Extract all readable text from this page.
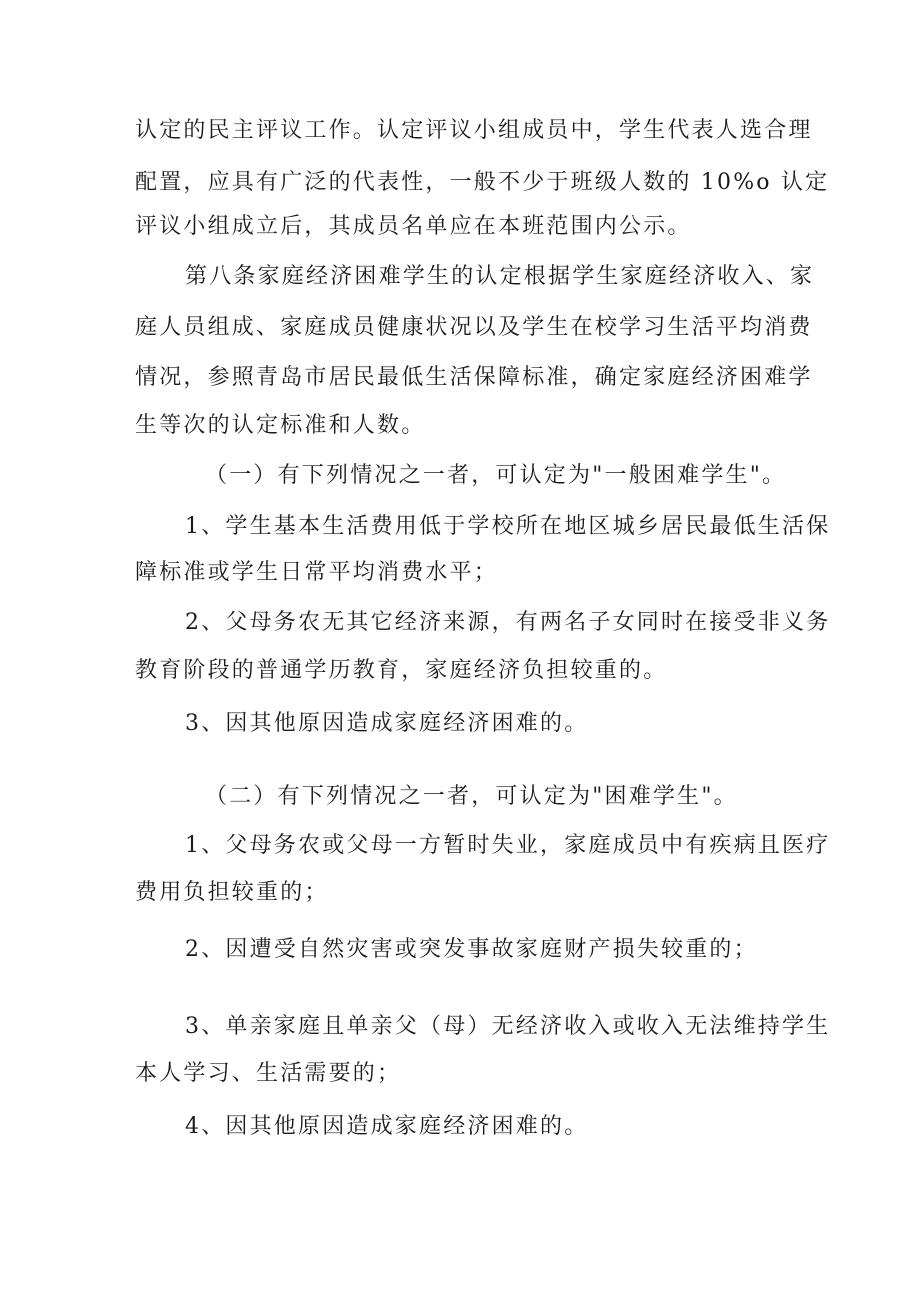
认定的民主评议工作。认定评议小组成员中，学生代表人选合理
配置，应具有广泛的代表性，一般不少于班级人数的 10%o 认定
评议小组成立后，其成员名单应在本班范围内公示。
第八条家庭经济困难学生的认定根据学生家庭经济收入、家
庭人员组成、家庭成员健康状况以及学生在校学习生活平均消费
情况，参照青岛市居民最低生活保障标准，确定家庭经济困难学
生等次的认定标准和人数。
（一）有下列情况之一者，可认定为"一般困难学生"。
1、学生基本生活费用低于学校所在地区城乡居民最低生活保
障标准或学生日常平均消费水平；
2、父母务农无其它经济来源，有两名子女同时在接受非义务
教育阶段的普通学历教育，家庭经济负担较重的。
3、因其他原因造成家庭经济困难的。
（二）有下列情况之一者，可认定为"困难学生"。
1、父母务农或父母一方暂时失业，家庭成员中有疾病且医疗
费用负担较重的；
2、因遭受自然灾害或突发事故家庭财产损失较重的；
3、单亲家庭且单亲父（母）无经济收入或收入无法维持学生
本人学习、生活需要的；
4、因其他原因造成家庭经济困难的。
